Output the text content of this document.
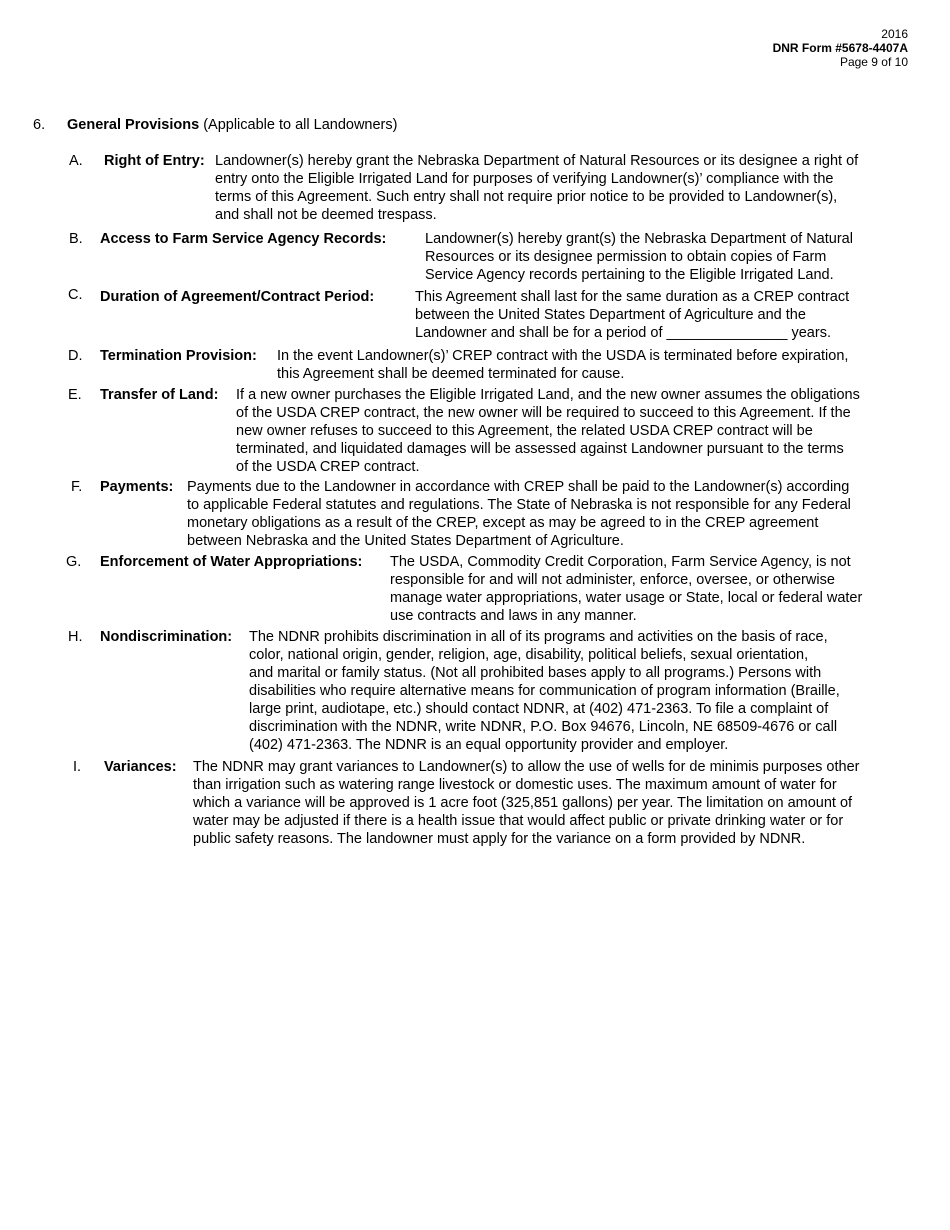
2016
DNR Form #5678-4407A
Page 9 of 10
6. General Provisions (Applicable to all Landowners)
A. Right of Entry: Landowner(s) hereby grant the Nebraska Department of Natural Resources or its designee a right of
entry onto the Eligible Irrigated Land for purposes of verifying Landowner(s)’ compliance with the
terms of this Agreement. Such entry shall not require prior notice to be provided to Landowner(s),
and shall not be deemed trespass.
B. Access to Farm Service Agency Records:	Landowner(s) hereby grant(s) the Nebraska Department of Natural
Resources or its designee permission to obtain copies of Farm
Service Agency records pertaining to the Eligible Irrigated Land.
C. Duration of Agreement/Contract Period:	This Agreement shall last for the same duration as a CREP contract
between the United States Department of Agriculture and the
Landowner and shall be for a period of _______________ years.
D. Termination Provision: In the event Landowner(s)’ CREP contract with the USDA is terminated before expiration,
this Agreement shall be deemed terminated for cause.
E. Transfer of Land: If a new owner purchases the Eligible Irrigated Land, and the new owner assumes the obligations
of the USDA CREP contract, the new owner will be required to succeed to this Agreement. If the
new owner refuses to succeed to this Agreement, the related USDA CREP contract will be
terminated, and liquidated damages will be assessed against Landowner pursuant to the terms
of the USDA CREP contract.
F. Payments: Payments due to the Landowner in accordance with CREP shall be paid to the Landowner(s) according
to applicable Federal statutes and regulations. The State of Nebraska is not responsible for any Federal
monetary obligations as a result of the CREP, except as may be agreed to in the CREP agreement
between Nebraska and the United States Department of Agriculture.
G. Enforcement of Water Appropriations: The USDA, Commodity Credit Corporation, Farm Service Agency, is not
responsible for and will not administer, enforce, oversee, or otherwise
manage water appropriations, water usage or State, local or federal water
use contracts and laws in any manner.
H. Nondiscrimination: The NDNR prohibits discrimination in all of its programs and activities on the basis of race,
color, national origin, gender, religion, age, disability, political beliefs, sexual orientation,
and marital or family status. (Not all prohibited bases apply to all programs.) Persons with
disabilities who require alternative means for communication of program information (Braille,
large print, audiotape, etc.) should contact NDNR, at (402) 471-2363. To file a complaint of
discrimination with the NDNR, write NDNR, P.O. Box 94676, Lincoln, NE 68509-4676 or call
(402) 471-2363. The NDNR is an equal opportunity provider and employer.
I. Variances: The NDNR may grant variances to Landowner(s) to allow the use of wells for de minimis purposes other
than irrigation such as watering range livestock or domestic uses. The maximum amount of water for
which a variance will be approved is 1 acre foot (325,851 gallons) per year. The limitation on amount of
water may be adjusted if there is a health issue that would affect public or private drinking water or for
public safety reasons. The landowner must apply for the variance on a form provided by NDNR.
